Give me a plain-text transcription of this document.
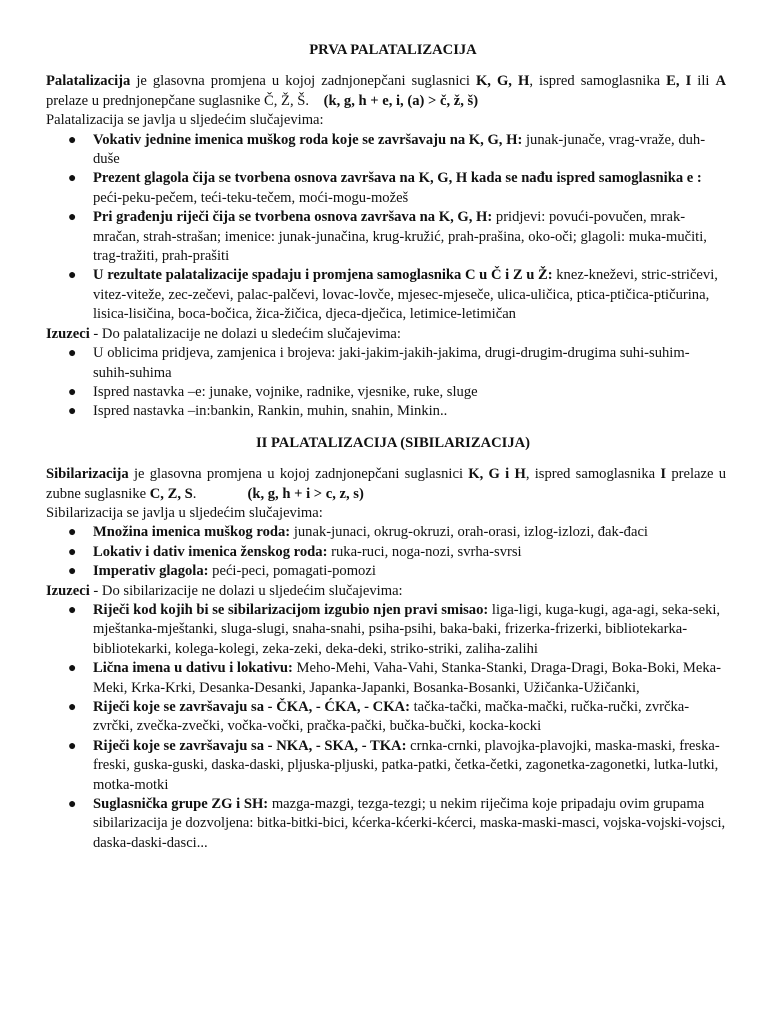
PRVA PALATALIZACIJA

Palatalizacija je glasovna promjena u kojoj zadnjonepčani suglasnici K, G, H, ispred samoglasnika E, I ili A prelaze u prednjonepčane suglasnike Č, Ž, Š.    (k, g, h + e, i, (a) > č, ž, š)

Palatalizacija se javlja u sljedećim slučajevima:

● Vokativ jednine imenica muškog roda koje se završavaju na K, G, H: junak-junače, vrag-vraže, duh-duše
● Prezent glagola čija se tvorbena osnova završava na K, G, H kada se nađu ispred samoglasnika e : peći-peku-pečem, teći-teku-tečem, moći-mogu-možeš
● Pri građenju riječi čija se tvorbena osnova završava na K, G, H: pridjevi: povući-povučen, mrak-mračan, strah-strašan; imenice: junak-junačina, krug-kružić, prah-prašina, oko-oči; glagoli: muka-mučiti, trag-tražiti, prah-prašiti
● U rezultate palatalizacije spadaju i promjena samoglasnika C u Č i Z u Ž: knez-kneževi, stric-stričevi, vitez-viteže, zec-zečevi, palac-palčevi, lovac-lovče, mjesec-mjeseče, ulica-uličica, ptica-ptičica-ptičurina, lisica-lisičina, boca-bočica, žica-žičica, djeca-dječica, letimice-letimičan

Izuzeci - Do palatalizacije ne dolazi u sledećim slučajevima:

● U oblicima pridjeva, zamjenica i brojeva: jaki-jakim-jakih-jakima, drugi-drugim-drugima suhi-suhim-suhih-suhima
● Ispred nastavka –e: junake, vojnike, radnike, vjesnike, ruke, sluge
● Ispred nastavka –in:bankin, Rankin, muhin, snahin, Minkin..
II PALATALIZACIJA (SIBILARIZACIJA)

Sibilarizacija je glasovna promjena u kojoj zadnjonepčani suglasnici K, G i H, ispred samoglasnika I prelaze u zubne suglasnike C, Z, S.              (k, g, h + i > c, z, s)

Sibilarizacija se javlja u sljedećim slučajevima:

● Množina imenica muškog roda: junak-junaci, okrug-okruzi, orah-orasi, izlog-izlozi, đak-đaci
● Lokativ i dativ imenica ženskog roda: ruka-ruci, noga-nozi, svrha-svrsi
● Imperativ glagola: peći-peci, pomagati-pomozi

Izuzeci - Do sibilarizacije ne dolazi u sljedećim slučajevima:

● Riječi kod kojih bi se sibilarizacijom izgubio njen pravi smisao: liga-ligi, kuga-kugi, aga-agi, seka-seki, mještanka-mještanki, sluga-slugi, snaha-snahi, psiha-psihi, baka-baki, frizerka-frizerki, bibliotekarka-bibliotekarki, kolega-kolegi, zeka-zeki, deka-deki, striko-striki, zaliha-zalihi
● Lična imena u dativu i lokativu: Meho-Mehi, Vaha-Vahi, Stanka-Stanki, Draga-Dragi, Boka-Boki, Meka-Meki, Krka-Krki, Desanka-Desanki, Japanka-Japanki, Bosanka-Bosanki, Užičanka-Užičanki,
● Riječi koje se završavaju sa - ČKA, - ĆKA, - CKA: tačka-tački, mačka-mački, ručka-ručki, zvrčka-zvrčki, zvečka-zvečki, vočka-vočki, pračka-pački, bučka-bučki, kocka-kocki
● Riječi koje se završavaju sa - NKA, - SKA, - TKA: crnka-crnki, plavojka-plavojki, maska-maski, freska-freski, guska-guski, daska-daski, pljuska-pljuski, patka-patki, četka-četki, zagonetka-zagonetki, lutka-lutki, motka-motki
● Suglasnička grupe ZG i SH: mazga-mazgi, tezga-tezgi; u nekim riječima koje pripadaju ovim grupama sibilarizacija je dozvoljena: bitka-bitki-bici, kćerka-kćerki-kćerci, maska-maski-masci, vojska-vojski-vojsci, daska-daski-dasci...
